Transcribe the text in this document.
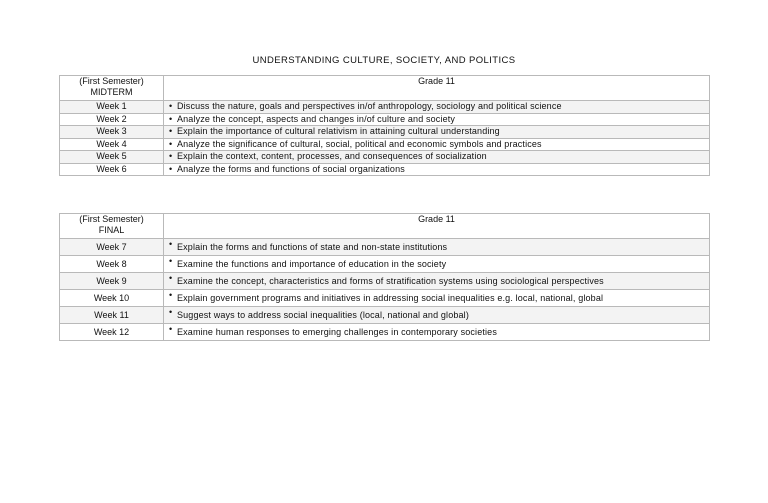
UNDERSTANDING CULTURE, SOCIETY, AND POLITICS
(First Semester)
MIDTERM	Grade 11

Week 1	• Discuss the nature, goals and perspectives in/of anthropology, sociology and political science

Week 2	• Analyze the concept, aspects and changes in/of culture and society

Week 3	• Explain the importance of cultural relativism in attaining cultural understanding

Week 4	• Analyze the significance of cultural, social, political and economic symbols and practices

Week 5	• Explain the context, content, processes, and consequences of socialization

Week 6	• Analyze the forms and functions of social organizations
(First Semester)
FINAL	Grade 11

Week 7	• Explain the forms and functions of state and non-state institutions

Week 8	• Examine the functions and importance of education in the society

Week 9	• Examine the concept, characteristics and forms of stratification systems using sociological perspectives

Week 10	• Explain government programs and initiatives in addressing social inequalities e.g. local, national, global

Week 11	• Suggest ways to address social inequalities (local, national and global)

Week 12	• Examine human responses to emerging challenges in contemporary societies
